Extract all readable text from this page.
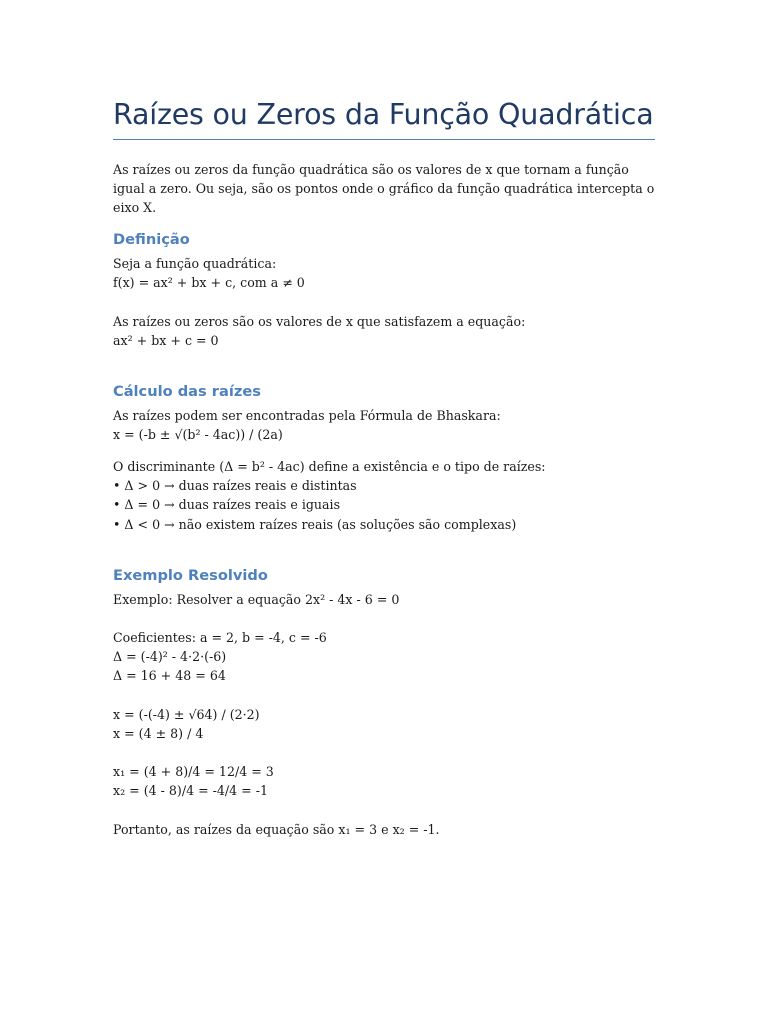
Raízes ou Zeros da Função Quadrática

As raízes ou zeros da função quadrática são os valores de x que tornam a função igual a zero. Ou seja, são os pontos onde o gráfico da função quadrática intercepta o eixo X.

Definição

Seja a função quadrática:

f(x) = ax² + bx + c, com a ≠ 0

As raízes ou zeros são os valores de x que satisfazem a equação:

ax² + bx + c = 0

Cálculo das raízes

As raízes podem ser encontradas pela Fórmula de Bhaskara:

x = (-b ± √(b² - 4ac)) / (2a)

O discriminante (Δ = b² - 4ac) define a existência e o tipo de raízes:

• Δ > 0 → duas raízes reais e distintas

• Δ = 0 → duas raízes reais e iguais

• Δ < 0 → não existem raízes reais (as soluções são complexas)

Exemplo Resolvido

Exemplo: Resolver a equação 2x² - 4x - 6 = 0

Coeficientes: a = 2, b = -4, c = -6

Δ = (-4)² - 4·2·(-6)

Δ = 16 + 48 = 64

x = (-(-4) ± √64) / (2·2)

x = (4 ± 8) / 4

x₁ = (4 + 8)/4 = 12/4 = 3

x₂ = (4 - 8)/4 = -4/4 = -1

Portanto, as raízes da equação são x₁ = 3 e x₂ = -1.
